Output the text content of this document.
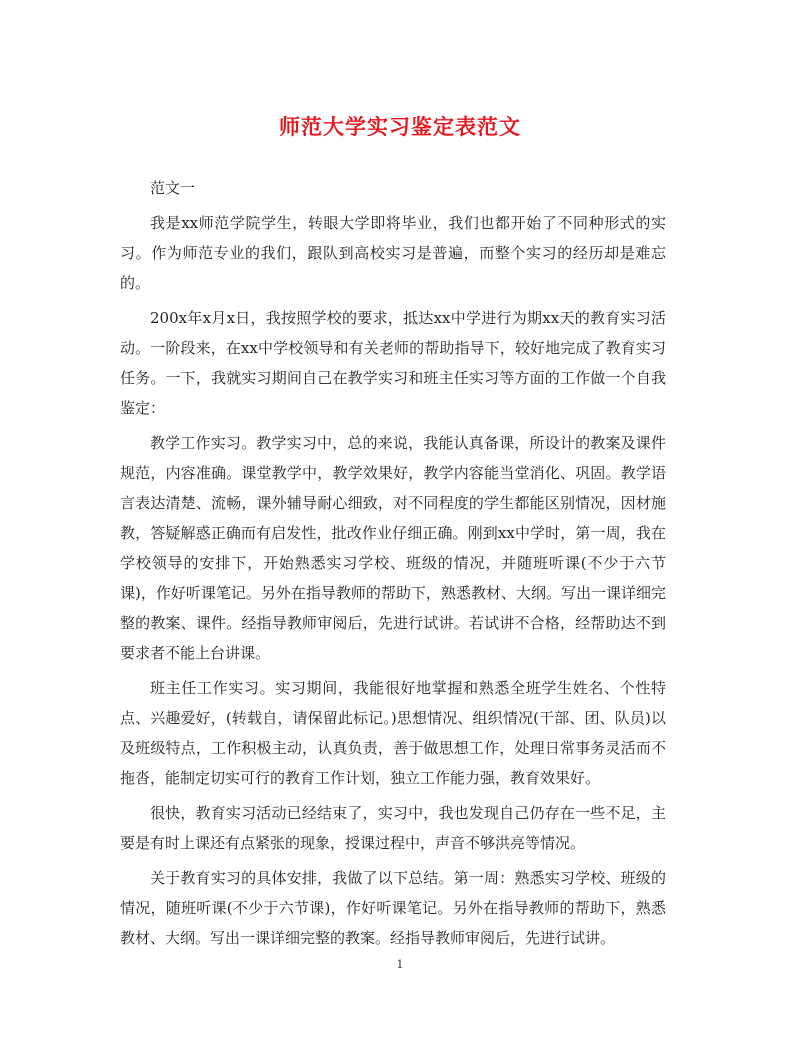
师范大学实习鉴定表范文

范文一

我是xx师范学院学生，转眼大学即将毕业，我们也都开始了不同种形式的实习。作为师范专业的我们，跟队到高校实习是普遍，而整个实习的经历却是难忘的。

200x年x月x日，我按照学校的要求，抵达xx中学进行为期xx天的教育实习活动。一阶段来，在xx中学校领导和有关老师的帮助指导下，较好地完成了教育实习任务。一下，我就实习期间自己在教学实习和班主任实习等方面的工作做一个自我鉴定：

教学工作实习。教学实习中，总的来说，我能认真备课，所设计的教案及课件规范，内容准确。课堂教学中，教学效果好，教学内容能当堂消化、巩固。教学语言表达清楚、流畅，课外辅导耐心细致，对不同程度的学生都能区别情况，因材施教，答疑解惑正确而有启发性，批改作业仔细正确。刚到xx中学时，第一周，我在学校领导的安排下，开始熟悉实习学校、班级的情况，并随班听课(不少于六节课)，作好听课笔记。另外在指导教师的帮助下，熟悉教材、大纲。写出一课详细完整的教案、课件。经指导教师审阅后，先进行试讲。若试讲不合格，经帮助达不到要求者不能上台讲课。

班主任工作实习。实习期间，我能很好地掌握和熟悉全班学生姓名、个性特点、兴趣爱好，(转载自，请保留此标记。)思想情况、组织情况(干部、团、队员)以及班级特点，工作积极主动，认真负责，善于做思想工作，处理日常事务灵活而不拖沓，能制定切实可行的教育工作计划，独立工作能力强，教育效果好。

很快，教育实习活动已经结束了，实习中，我也发现自己仍存在一些不足，主要是有时上课还有点紧张的现象，授课过程中，声音不够洪亮等情况。

关于教育实习的具体安排，我做了以下总结。第一周：熟悉实习学校、班级的情况，随班听课(不少于六节课)，作好听课笔记。另外在指导教师的帮助下，熟悉教材、大纲。写出一课详细完整的教案。经指导教师审阅后，先进行试讲。

1
